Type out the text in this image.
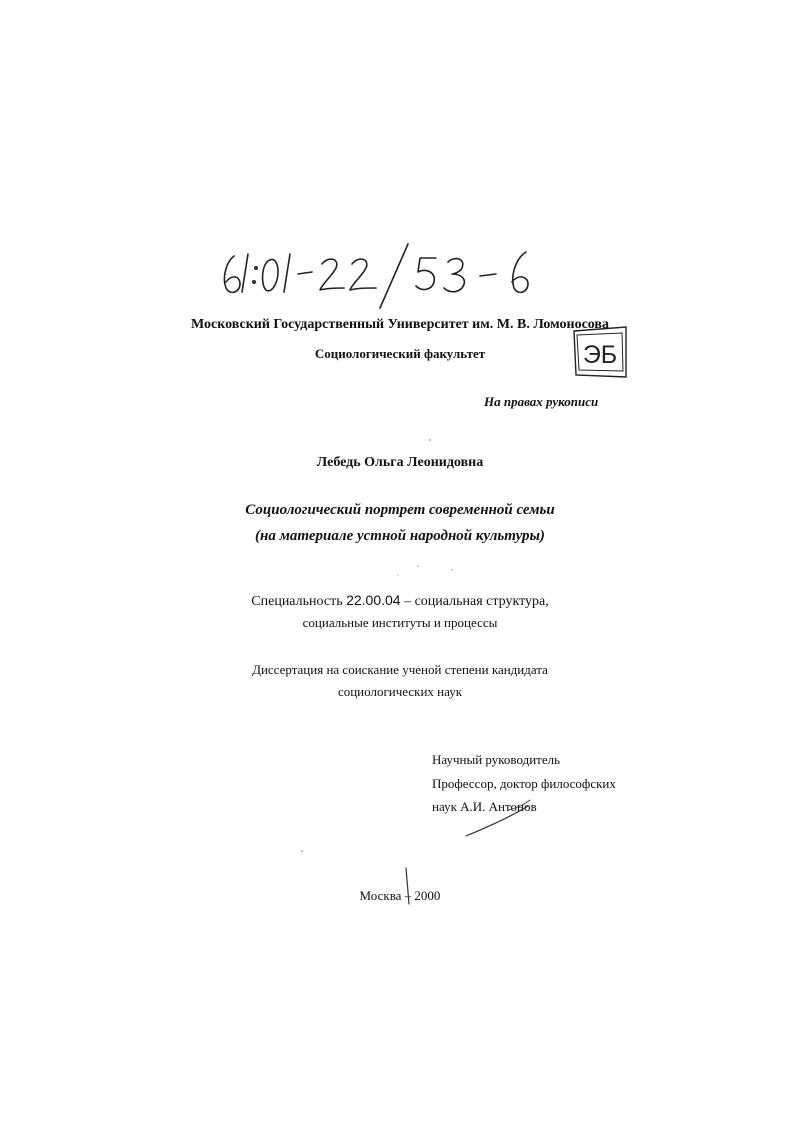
Московский Государственный Университет им. М. В. Ломоносова
Социологический факультет	ЭБ
На правах рукописи
Лебедь Ольга Леонидовна
Социологический портрет современной семьи
(на материале устной народной культуры)
Специальность 22.00.04 – социальная структура,
социальные институты и процессы
Диссертация на соискание ученой степени кандидата
социологических наук
Научный руководитель
Профессор, доктор философских
наук А.И. Антонов
Москва – 2000
